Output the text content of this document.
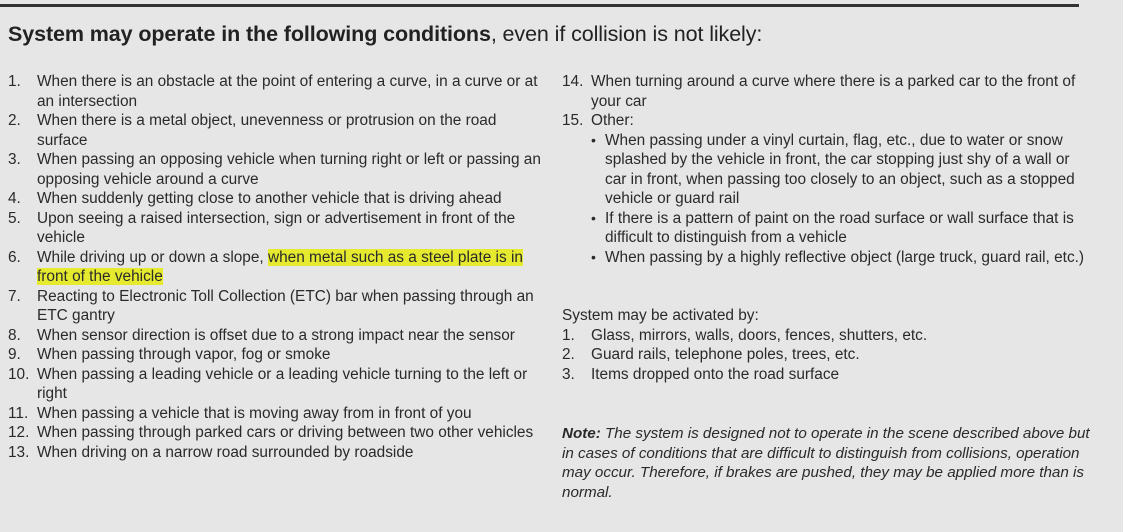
System may operate in the following conditions, even if collision is not likely:
1.	When there is an obstacle at the point of entering a curve, in a curve or at an intersection
2.	When there is a metal object, unevenness or protrusion on the road surface
3.	When passing an opposing vehicle when turning right or left or passing an opposing vehicle around a curve
4.	When suddenly getting close to another vehicle that is driving ahead
5.	Upon seeing a raised intersection, sign or advertisement in front of the vehicle
6.	While driving up or down a slope, when metal such as a steel plate is in front of the vehicle
7.	Reacting to Electronic Toll Collection (ETC) bar when passing through an ETC gantry
8.	When sensor direction is offset due to a strong impact near the sensor
9.	When passing through vapor, fog or smoke
10. When passing a leading vehicle or a leading vehicle turning to the left or right
11. When passing a vehicle that is moving away from in front of you
12. When passing through parked cars or driving between two other vehicles
13. When driving on a narrow road surrounded by roadside
14. When turning around a curve where there is a parked car to the front of your car
15. Other:
• When passing under a vinyl curtain, flag, etc., due to water or snow splashed by the vehicle in front, the car stopping just shy of a wall or car in front, when passing too closely to an object, such as a stopped vehicle or guard rail
• If there is a pattern of paint on the road surface or wall surface that is difficult to distinguish from a vehicle
• When passing by a highly reflective object (large truck, guard rail, etc.)
System may be activated by:
1.	Glass, mirrors, walls, doors, fences, shutters, etc.
2.	Guard rails, telephone poles, trees, etc.
3.	Items dropped onto the road surface
Note: The system is designed not to operate in the scene described above but in cases of conditions that are difficult to distinguish from collisions, operation may occur. Therefore, if brakes are pushed, they may be applied more than is normal.
